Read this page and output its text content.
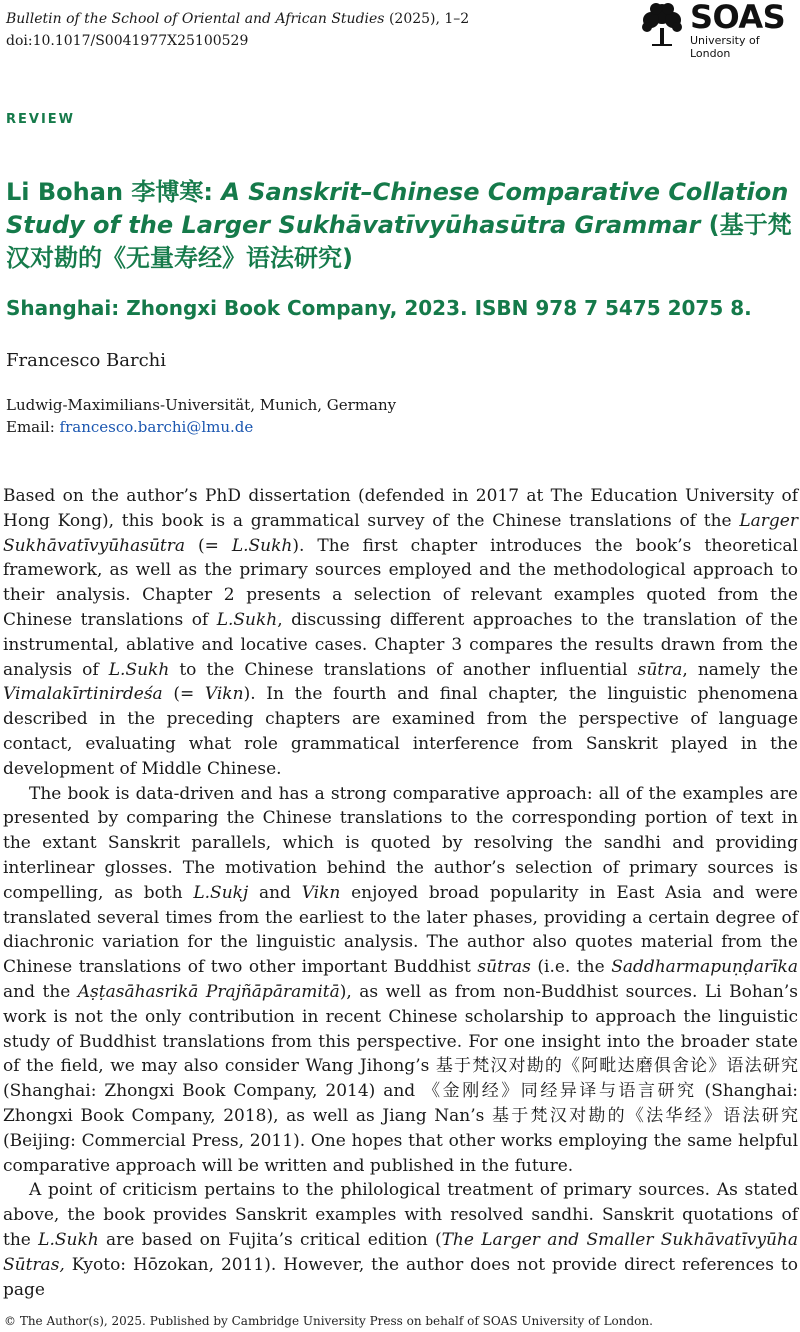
Bulletin of the School of Oriental and African Studies (2025), 1–2
doi:10.1017/S0041977X25100529
SOAS
University of London
REVIEW
Li Bohan 李博寒: A Sanskrit–Chinese Comparative Collation Study of the Larger Sukhāvatīvyūhasūtra Grammar (基于梵汉对勘的《无量寿经》语法研究)
Shanghai: Zhongxi Book Company, 2023. ISBN 978 7 5475 2075 8.
Francesco Barchi
Ludwig-Maximilians-Universität, Munich, Germany
Email: francesco.barchi@lmu.de

Based on the author’s PhD dissertation (defended in 2017 at The Education University of Hong Kong), this book is a grammatical survey of the Chinese translations of the Larger Sukhāvatīvyūhasūtra (= L.Sukh). The first chapter introduces the book’s theoretical framework, as well as the primary sources employed and the methodological approach to their analysis. Chapter 2 presents a selection of relevant examples quoted from the Chinese translations of L.Sukh, discussing different approaches to the translation of the instrumental, ablative and locative cases. Chapter 3 compares the results drawn from the analysis of L.Sukh to the Chinese translations of another influential sūtra, namely the Vimalakīrtinirdeśa (= Vikn). In the fourth and final chapter, the linguistic phenomena described in the preceding chapters are examined from the perspective of language contact, evaluating what role grammatical interference from Sanskrit played in the development of Middle Chinese.

The book is data-driven and has a strong comparative approach: all of the examples are presented by comparing the Chinese translations to the corresponding portion of text in the extant Sanskrit parallels, which is quoted by resolving the sandhi and providing interlinear glosses. The motivation behind the author’s selection of primary sources is compelling, as both L.Sukj and Vikn enjoyed broad popularity in East Asia and were translated several times from the earliest to the later phases, providing a certain degree of diachronic variation for the linguistic analysis. The author also quotes material from the Chinese translations of two other important Buddhist sūtras (i.e. the Saddharmapuṇḍarīka and the Aṣṭasāhasrikā Prajñāpāramitā), as well as from non-Buddhist sources. Li Bohan’s work is not the only contribution in recent Chinese scholarship to approach the linguistic study of Buddhist translations from this perspective. For one insight into the broader state of the field, we may also consider Wang Jihong’s 基于梵汉对勘的《阿毗达磨俱舍论》语法研究 (Shanghai: Zhongxi Book Company, 2014) and 《金刚经》同经异译与语言研究 (Shanghai: Zhongxi Book Company, 2018), as well as Jiang Nan’s 基于梵汉对勘的《法华经》语法研究 (Beijing: Commercial Press, 2011). One hopes that other works employing the same helpful comparative approach will be written and published in the future.

A point of criticism pertains to the philological treatment of primary sources. As stated above, the book provides Sanskrit examples with resolved sandhi. Sanskrit quotations of the L.Sukh are based on Fujita’s critical edition (The Larger and Smaller Sukhāvatīvyūha Sūtras, Kyoto: Hōzokan, 2011). However, the author does not provide direct references to page

© The Author(s), 2025. Published by Cambridge University Press on behalf of SOAS University of London.
